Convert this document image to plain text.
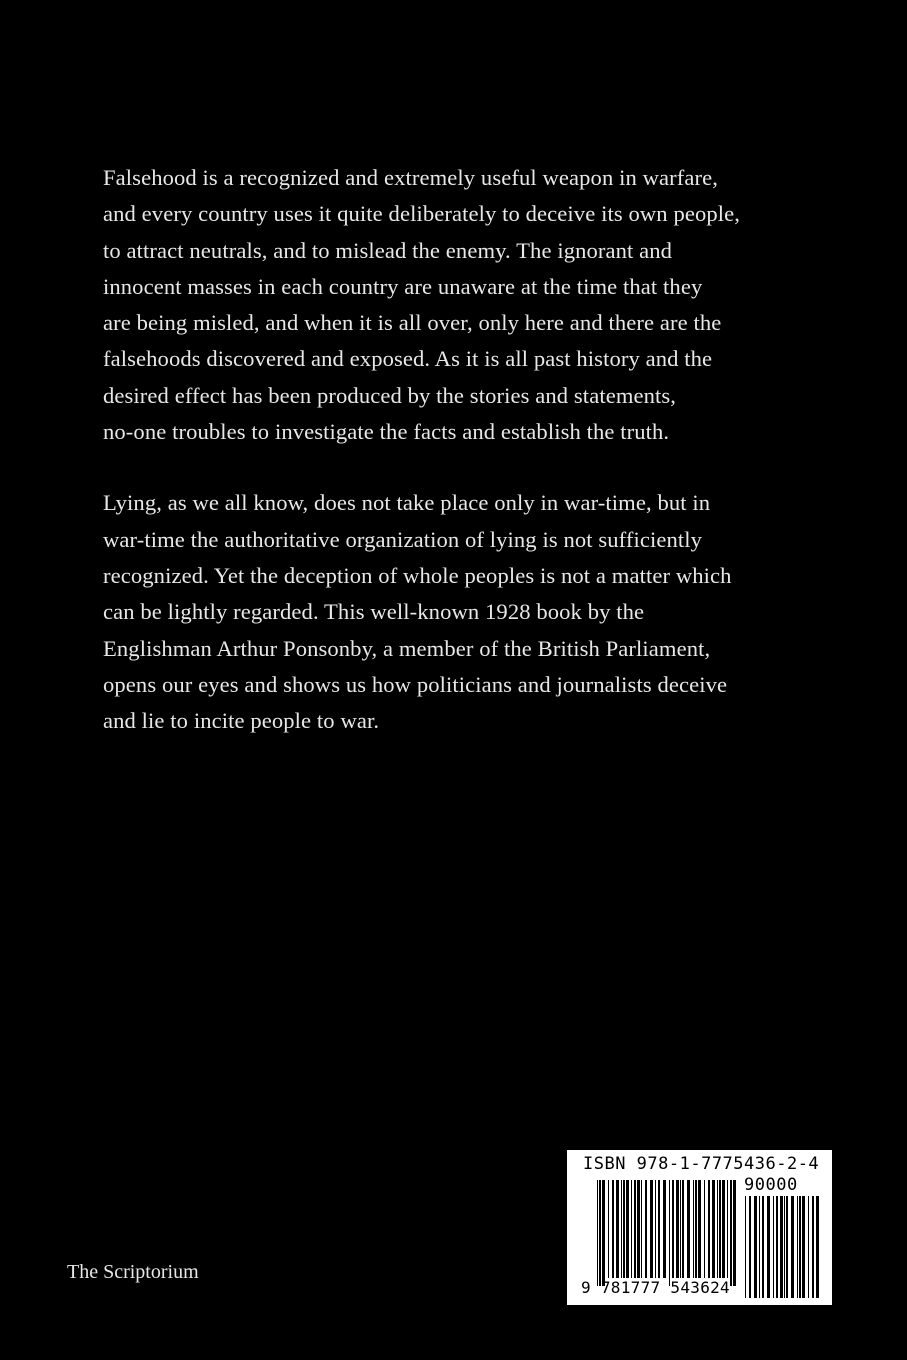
Falsehood is a recognized and extremely useful weapon in warfare,
and every country uses it quite deliberately to deceive its own people,
to attract neutrals, and to mislead the enemy. The ignorant and
innocent masses in each country are unaware at the time that they
are being misled, and when it is all over, only here and there are the
falsehoods discovered and exposed. As it is all past history and the
desired effect has been produced by the stories and statements,
no-one troubles to investigate the facts and establish the truth.

Lying, as we all know, does not take place only in war-time, but in
war-time the authoritative organization of lying is not sufficiently
recognized. Yet the deception of whole peoples is not a matter which
can be lightly regarded. This well-known 1928 book by the
Englishman Arthur Ponsonby, a member of the British Parliament,
opens our eyes and shows us how politicians and journalists deceive
and lie to incite people to war.

The Scriptorium
ISBN 978-1-7775436-2-4
90000
9 781777 543624
